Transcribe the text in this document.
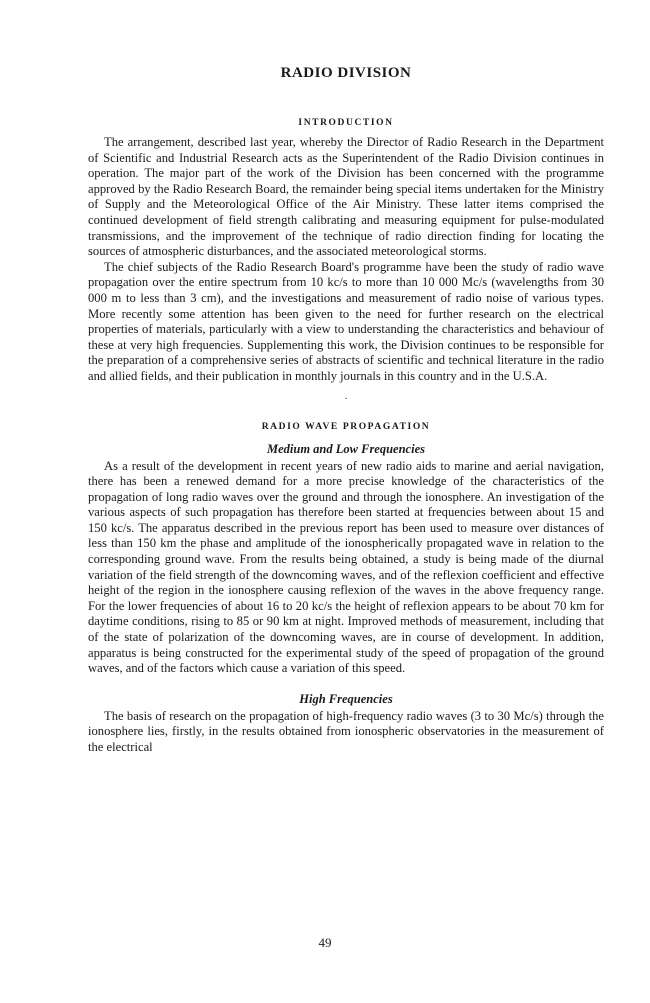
RADIO DIVISION
INTRODUCTION

The arrangement, described last year, whereby the Director of Radio Research in the Department of Scientific and Industrial Research acts as the Superintendent of the Radio Division continues in operation. The major part of the work of the Division has been concerned with the programme approved by the Radio Research Board, the remainder being special items undertaken for the Ministry of Supply and the Meteorological Office of the Air Ministry. These latter items comprised the continued development of field strength calibrating and measuring equipment for pulse-modulated transmissions, and the improvement of the technique of radio direction finding for locating the sources of atmospheric disturbances, and the associated meteorological storms.

The chief subjects of the Radio Research Board's programme have been the study of radio wave propagation over the entire spectrum from 10 kc/s to more than 10 000 Mc/s (wavelengths from 30 000 m to less than 3 cm), and the investigations and measurement of radio noise of various types. More recently some attention has been given to the need for further research on the electrical properties of materials, particularly with a view to understanding the characteristics and behaviour of these at very high frequencies. Supplementing this work, the Division continues to be responsible for the preparation of a comprehensive series of abstracts of scientific and technical literature in the radio and allied fields, and their publication in monthly journals in this country and in the U.S.A.

.

RADIO WAVE PROPAGATION
Medium and Low Frequencies

As a result of the development in recent years of new radio aids to marine and aerial navigation, there has been a renewed demand for a more precise knowledge of the characteristics of the propagation of long radio waves over the ground and through the ionosphere. An investigation of the various aspects of such propagation has therefore been started at frequencies between about 15 and 150 kc/s. The apparatus described in the previous report has been used to measure over distances of less than 150 km the phase and amplitude of the ionospherically propagated wave in relation to the corresponding ground wave. From the results being obtained, a study is being made of the diurnal variation of the field strength of the downcoming waves, and of the reflexion coefficient and effective height of the region in the ionosphere causing reflexion of the waves in the above frequency range. For the lower frequencies of about 16 to 20 kc/s the height of reflexion appears to be about 70 km for daytime conditions, rising to 85 or 90 km at night. Improved methods of measurement, including that of the state of polarization of the downcoming waves, are in course of development. In addition, apparatus is being constructed for the experimental study of the speed of propagation of the ground waves, and of the factors which cause a variation of this speed.

High Frequencies

The basis of research on the propagation of high-frequency radio waves (3 to 30 Mc/s) through the ionosphere lies, firstly, in the results obtained from ionospheric observatories in the measurement of the electrical

49
